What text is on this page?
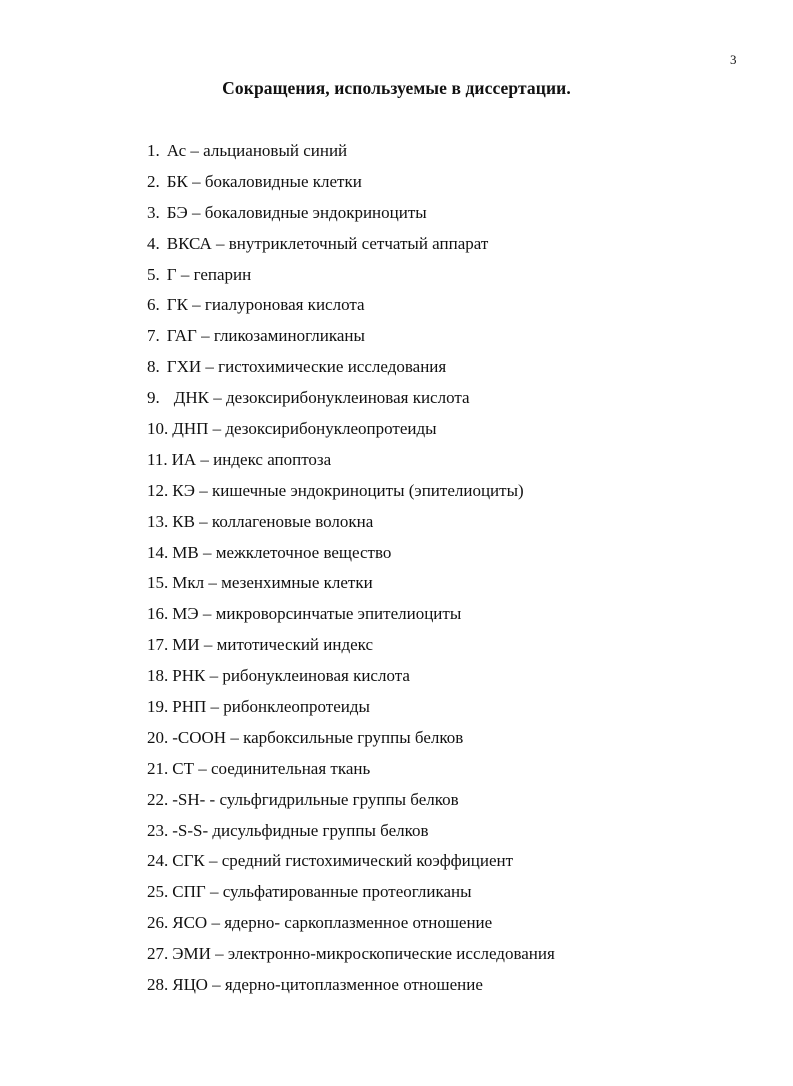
3
Сокращения, используемые в диссертации.
1. Ас – альциановый синий
2. БК – бокаловидные клетки
3. БЭ – бокаловидные эндокриноциты
4. ВКСА – внутриклеточный сетчатый аппарат
5. Г – гепарин
6. ГК – гиалуроновая кислота
7. ГАГ – гликозаминогликаны
8. ГХИ – гистохимические исследования
9. ДНК – дезоксирибонуклеиновая кислота
10. ДНП – дезоксирибонуклеопротеиды
11. ИА – индекс апоптоза
12. КЭ – кишечные эндокриноциты (эпителиоциты)
13. КВ – коллагеновые волокна
14. МВ – межклеточное вещество
15. Мкл – мезенхимные клетки
16. МЭ – микроворсинчатые эпителиоциты
17. МИ – митотический индекс
18. РНК – рибонуклеиновая кислота
19. РНП – рибонклеопротеиды
20. -СООН – карбоксильные группы белков
21. СТ – соединительная ткань
22. -SH- - сульфгидрильные группы белков
23. -S-S- дисульфидные группы белков
24. СГК – средний гистохимический коэффициент
25. СПГ – сульфатированные протеогликаны
26. ЯСО – ядерно- саркоплазменное отношение
27. ЭМИ – электронно-микроскопические исследования
28. ЯЦО – ядерно-цитоплазменное отношение
